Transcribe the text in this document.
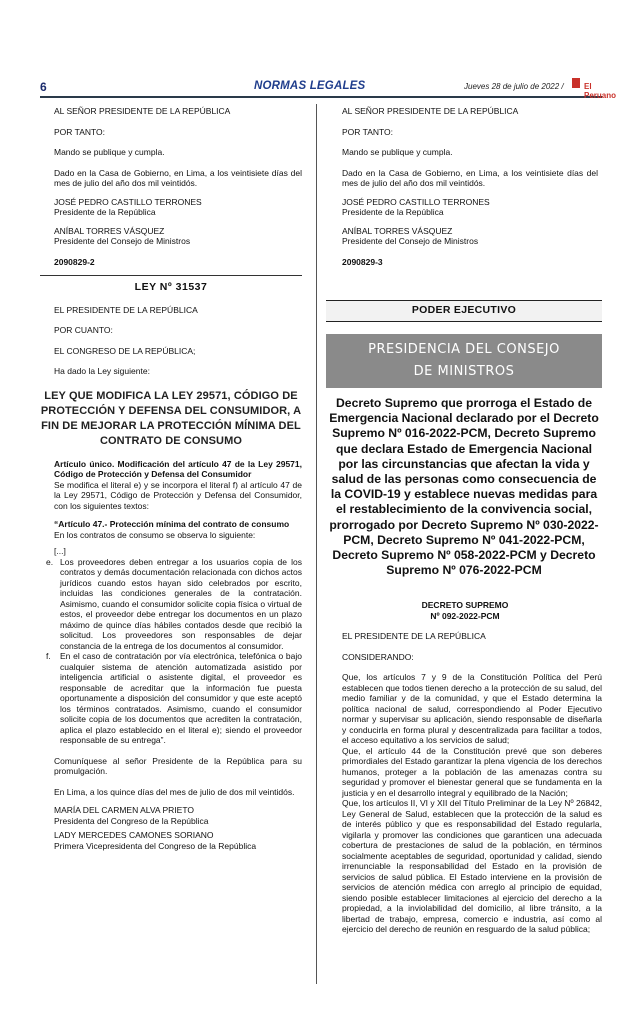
6	NORMAS LEGALES	Jueves 28 de julio de 2022 /	El Peruano

AL SEÑOR PRESIDENTE DE LA REPÚBLICA

POR TANTO:

Mando se publique y cumpla.

Dado en la Casa de Gobierno, en Lima, a los veintisiete días del mes de julio del año dos mil veintidós.

JOSÉ PEDRO CASTILLO TERRONES

Presidente de la República

ANÍBAL TORRES VÁSQUEZ

Presidente del Consejo de Ministros

2090829-2

LEY Nº 31537

EL PRESIDENTE DE LA REPÚBLICA

POR CUANTO:

EL CONGRESO DE LA REPÚBLICA;

Ha dado la Ley siguiente:

LEY QUE MODIFICA LA LEY 29571, CÓDIGO DE PROTECCIÓN Y DEFENSA DEL CONSUMIDOR, A FIN DE MEJORAR LA PROTECCIÓN MÍNIMA DEL CONTRATO DE CONSUMO

Artículo único. Modificación del artículo 47 de la Ley 29571, Código de Protección y Defensa del Consumidor

Se modifica el literal e) y se incorpora el literal f) al artículo 47 de la Ley 29571, Código de Protección y Defensa del Consumidor, con los siguientes textos:

“Artículo 47.- Protección mínima del contrato de consumo

En los contratos de consumo se observa lo siguiente:

[...]

e. Los proveedores deben entregar a los usuarios copia de los contratos y demás documentación relacionada con dichos actos jurídicos cuando estos hayan sido celebrados por escrito, incluidas las condiciones generales de la contratación. Asimismo, cuando el consumidor solicite copia física o virtual de estos, el proveedor debe entregar los documentos en un plazo máximo de quince días hábiles contados desde que recibió la solicitud. Los proveedores son responsables de dejar constancia de la entrega de los documentos al consumidor.
f.	En el caso de contratación por vía electrónica, telefónica o bajo cualquier sistema de atención automatizada asistido por inteligencia artificial o asistente digital, el proveedor es responsable de acreditar que la información fue puesta oportunamente a disposición del consumidor y que este aceptó los términos contratados. Asimismo, cuando el consumidor solicite copia de los documentos que acrediten la contratación, aplica el plazo establecido en el literal e); siendo el proveedor responsable de su entrega”.

Comuníquese al señor Presidente de la República para su promulgación.

En Lima, a los quince días del mes de julio de dos mil veintidós.

MARÍA DEL CARMEN ALVA PRIETO

Presidenta del Congreso de la República

LADY MERCEDES CAMONES SORIANO

Primera Vicepresidenta del Congreso de la República

AL SEÑOR PRESIDENTE DE LA REPÚBLICA

POR TANTO:

Mando se publique y cumpla.

Dado en la Casa de Gobierno, en Lima, a los veintisiete días del mes de julio del año dos mil veintidós.

JOSÉ PEDRO CASTILLO TERRONES

Presidente de la República

ANÍBAL TORRES VÁSQUEZ

Presidente del Consejo de Ministros

2090829-3

PODER EJECUTIVO
PRESIDENCIA DEL CONSEJO
DE MINISTROS
Decreto Supremo que prorroga el Estado de Emergencia Nacional declarado por el Decreto Supremo Nº 016-2022-PCM, Decreto Supremo que declara Estado de Emergencia Nacional por las circunstancias que afectan la vida y salud de las personas como consecuencia de la COVID-19 y establece nuevas medidas para el restablecimiento de la convivencia social, prorrogado por Decreto Supremo Nº 030-2022-PCM, Decreto Supremo Nº 041-2022-PCM, Decreto Supremo Nº 058-2022-PCM y Decreto Supremo Nº 076-2022-PCM

DECRETO SUPREMO

Nº 092-2022-PCM

EL PRESIDENTE DE LA REPÚBLICA

CONSIDERANDO:

Que, los artículos 7 y 9 de la Constitución Política del Perú establecen que todos tienen derecho a la protección de su salud, del medio familiar y de la comunidad, y que el Estado determina la política nacional de salud, correspondiendo al Poder Ejecutivo normar y supervisar su aplicación, siendo responsable de diseñarla y conducirla en forma plural y descentralizada para facilitar a todos, el acceso equitativo a los servicios de salud;

Que, el artículo 44 de la Constitución prevé que son deberes primordiales del Estado garantizar la plena vigencia de los derechos humanos, proteger a la población de las amenazas contra su seguridad y promover el bienestar general que se fundamenta en la justicia y en el desarrollo integral y equilibrado de la Nación;

Que, los artículos II, VI y XII del Título Preliminar de la Ley Nº 26842, Ley General de Salud, establecen que la protección de la salud es de interés público y que es responsabilidad del Estado regularla, vigilarla y promover las condiciones que garanticen una adecuada cobertura de prestaciones de salud de la población, en términos socialmente aceptables de seguridad, oportunidad y calidad, siendo irrenunciable la responsabilidad del Estado en la provisión de servicios de salud pública. El Estado interviene en la provisión de servicios de atención médica con arreglo al principio de equidad, siendo posible establecer limitaciones al ejercicio del derecho a la propiedad, a la inviolabilidad del domicilio, al libre tránsito, a la libertad de trabajo, empresa, comercio e industria, así como al ejercicio del derecho de reunión en resguardo de la salud pública;
